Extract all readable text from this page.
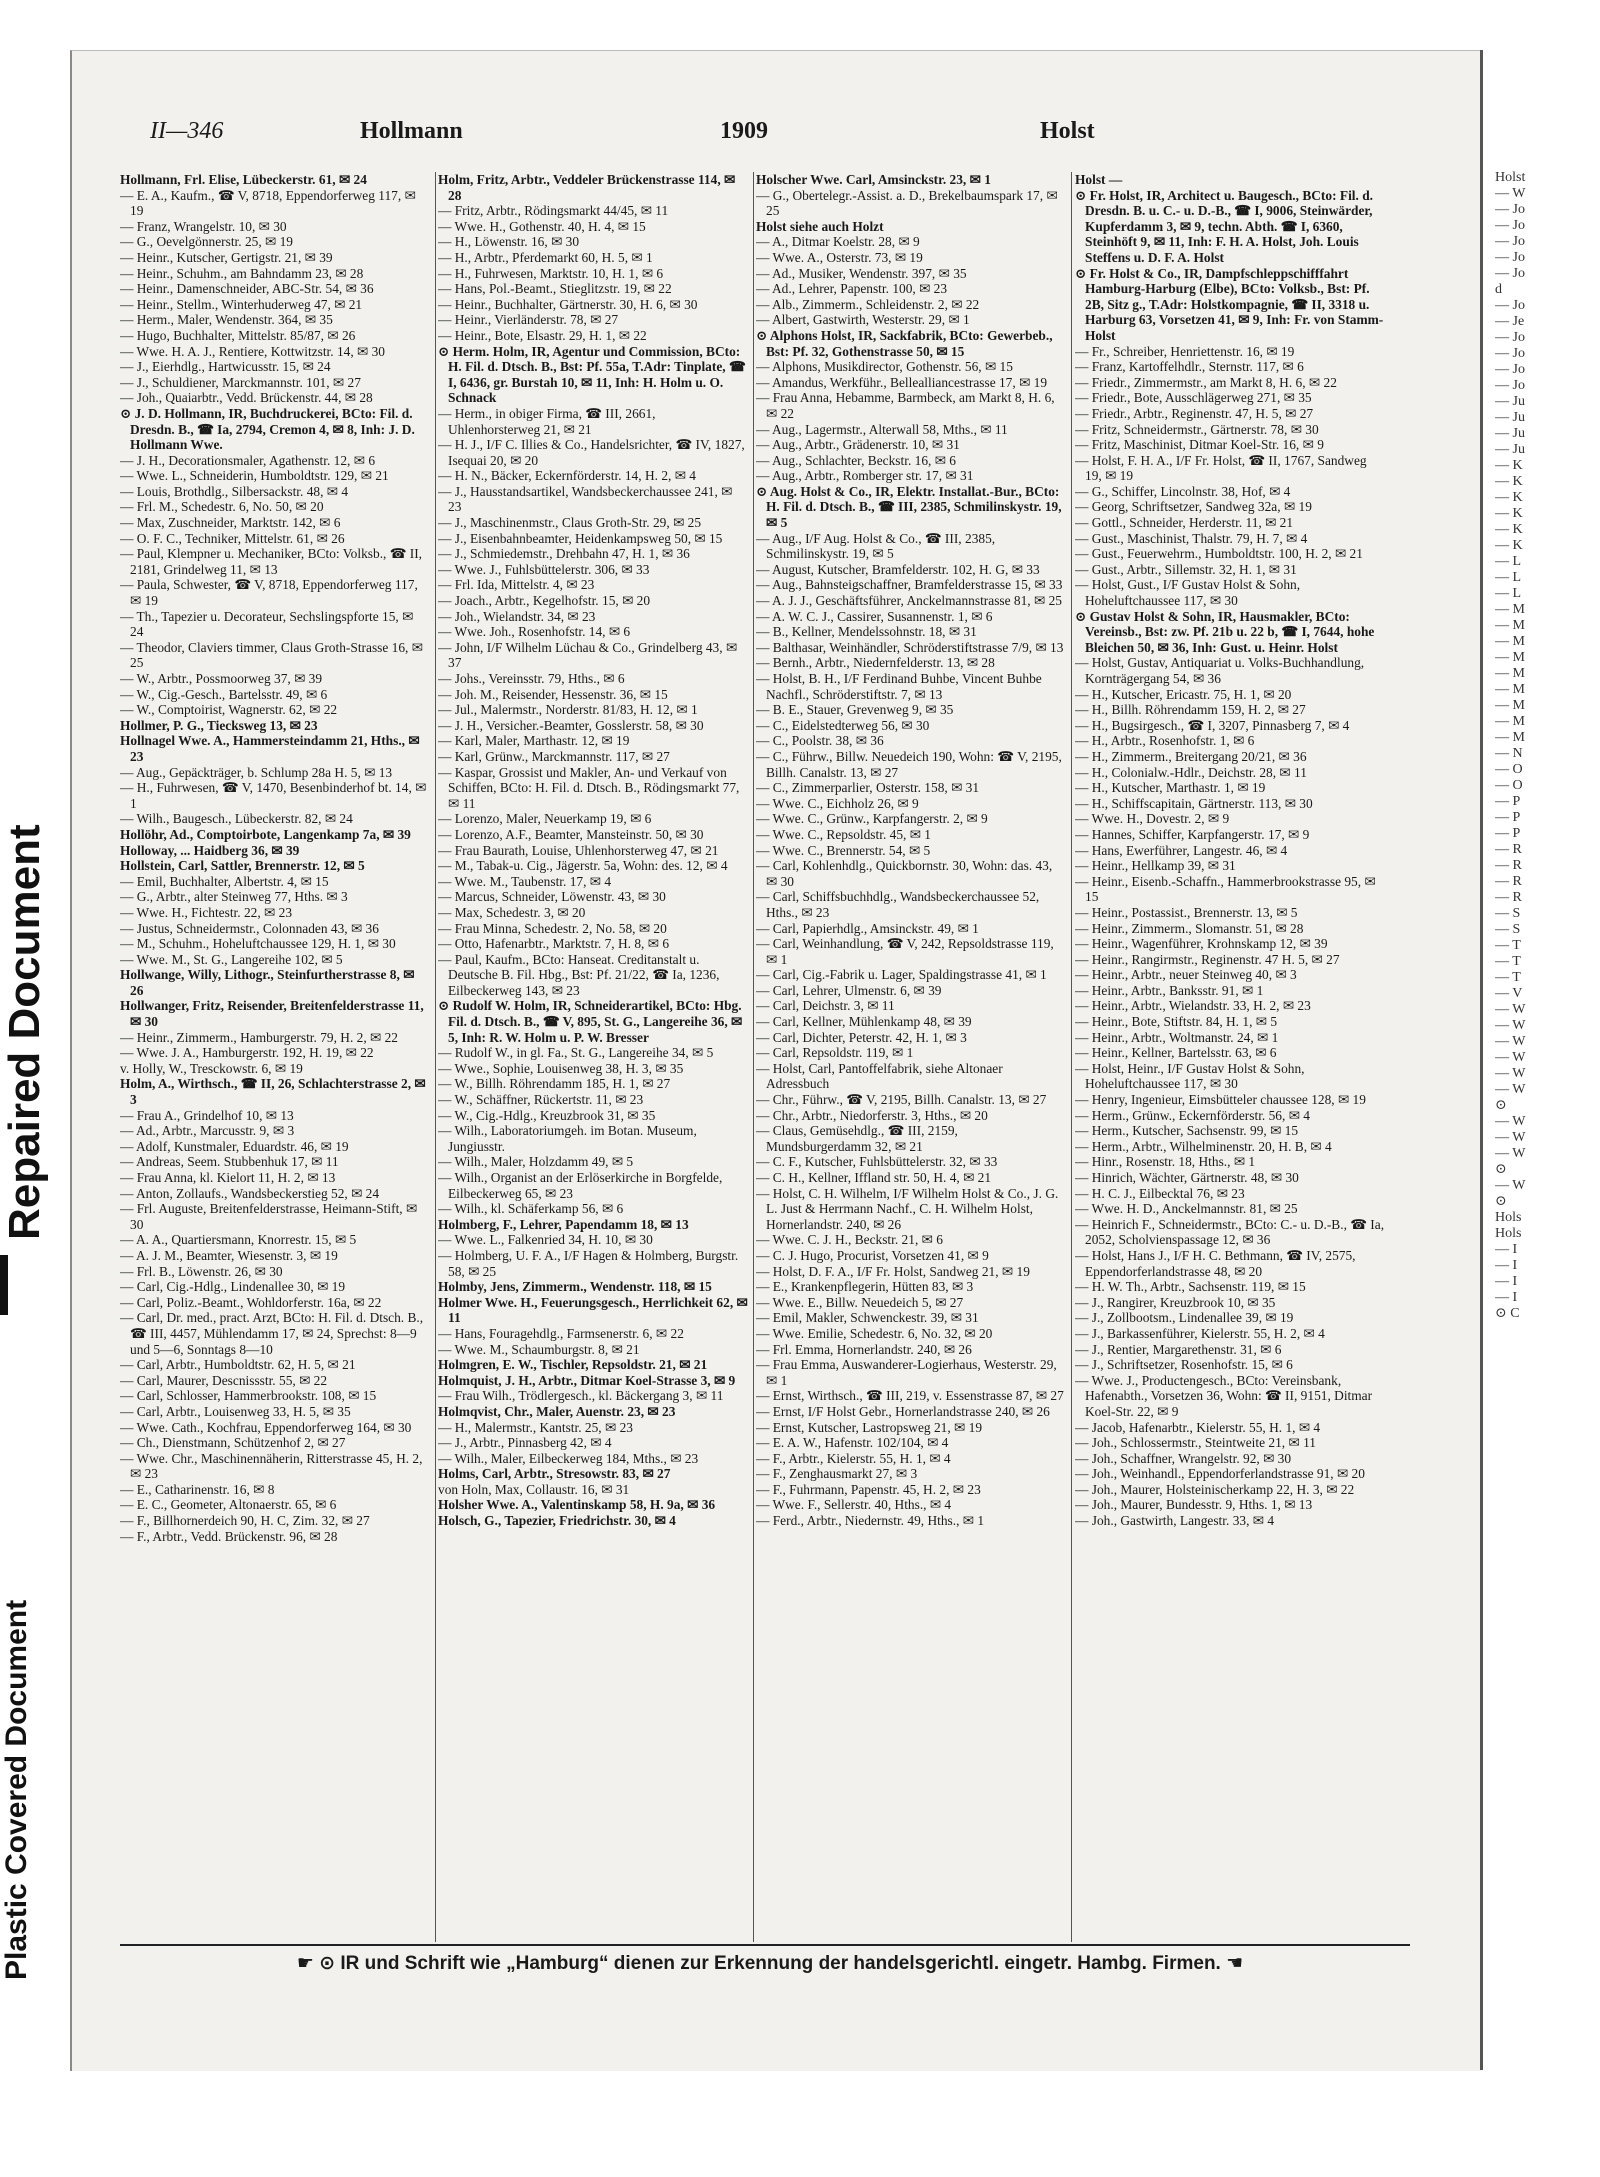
Repaired Document
Plastic Covered Document
II—346	Hollmann	1909	Holst

Hollmann, Frl. Elise, Lübeckerstr. 61, ✉ 24

— E. A., Kaufm., ☎ V, 8718, Eppendorferweg 117, ✉ 19

— Franz, Wrangelstr. 10, ✉ 30

— G., Oevelgönnerstr. 25, ✉ 19

— Heinr., Kutscher, Gertigstr. 21, ✉ 39

— Heinr., Schuhm., am Bahndamm 23, ✉ 28

— Heinr., Damenschneider, ABC-Str. 54, ✉ 36

— Heinr., Stellm., Winterhuderweg 47, ✉ 21

— Herm., Maler, Wendenstr. 364, ✉ 35

— Hugo, Buchhalter, Mittelstr. 85/87, ✉ 26

— Wwe. H. A. J., Rentiere, Kottwitzstr. 14, ✉ 30

— J., Eierhdlg., Hartwicusstr. 15, ✉ 24

— J., Schuldiener, Marckmannstr. 101, ✉ 27

— Joh., Quaiarbtr., Vedd. Brückenstr. 44, ✉ 28

⊙ J. D. Hollmann, IR, Buchdruckerei, BCto: Fil. d. Dresdn. B., ☎ Ia, 2794, Cremon 4, ✉ 8, Inh: J. D. Hollmann Wwe.

— J. H., Decorationsmaler, Agathenstr. 12, ✉ 6

— Wwe. L., Schneiderin, Humboldtstr. 129, ✉ 21

— Louis, Brothdlg., Silbersackstr. 48, ✉ 4

— Frl. M., Schedestr. 6, No. 50, ✉ 20

— Max, Zuschneider, Marktstr. 142, ✉ 6

— O. F. C., Techniker, Mittelstr. 61, ✉ 26

— Paul, Klempner u. Mechaniker, BCto: Volksb., ☎ II, 2181, Grindelweg 11, ✉ 13

— Paula, Schwester, ☎ V, 8718, Eppendorferweg 117, ✉ 19

— Th., Tapezier u. Decorateur, Sechslingspforte 15, ✉ 24

— Theodor, Claviers timmer, Claus Groth-Strasse 16, ✉ 25

— W., Arbtr., Possmoorweg 37, ✉ 39

— W., Cig.-Gesch., Bartelsstr. 49, ✉ 6

— W., Comptoirist, Wagnerstr. 62, ✉ 22

Hollmer, P. G., Tiecksweg 13, ✉ 23

Hollnagel Wwe. A., Hammersteindamm 21, Hths., ✉ 23

— Aug., Gepäckträger, b. Schlump 28a H. 5, ✉ 13

— H., Fuhrwesen, ☎ V, 1470, Besenbinderhof bt. 14, ✉ 1

— Wilh., Baugesch., Lübeckerstr. 82, ✉ 24

Hollöhr, Ad., Comptoirbote, Langenkamp 7a, ✉ 39

Holloway, ... Haidberg 36, ✉ 39

Hollstein, Carl, Sattler, Brennerstr. 12, ✉ 5

— Emil, Buchhalter, Albertstr. 4, ✉ 15

— G., Arbtr., alter Steinweg 77, Hths. ✉ 3

— Wwe. H., Fichtestr. 22, ✉ 23

— Justus, Schneidermstr., Colonnaden 43, ✉ 36

— M., Schuhm., Hoheluftchaussee 129, H. 1, ✉ 30

— Wwe. M., St. G., Langereihe 102, ✉ 5

Hollwange, Willy, Lithogr., Steinfurtherstrasse 8, ✉ 26

Hollwanger, Fritz, Reisender, Breitenfelderstrasse 11, ✉ 30

— Heinr., Zimmerm., Hamburgerstr. 79, H. 2, ✉ 22

— Wwe. J. A., Hamburgerstr. 192, H. 19, ✉ 22

v. Holly, W., Tresckowstr. 6, ✉ 19

Holm, A., Wirthsch., ☎ II, 26, Schlachterstrasse 2, ✉ 3

— Frau A., Grindelhof 10, ✉ 13

— Ad., Arbtr., Marcusstr. 9, ✉ 3

— Adolf, Kunstmaler, Eduardstr. 46, ✉ 19

— Andreas, Seem. Stubbenhuk 17, ✉ 11

— Frau Anna, kl. Kielort 11, H. 2, ✉ 13

— Anton, Zollaufs., Wandsbeckerstieg 52, ✉ 24

— Frl. Auguste, Breitenfelderstrasse, Heimann-Stift, ✉ 30

— A. A., Quartiersmann, Knorrestr. 15, ✉ 5

— A. J. M., Beamter, Wiesenstr. 3, ✉ 19

— Frl. B., Löwenstr. 26, ✉ 30

— Carl, Cig.-Hdlg., Lindenallee 30, ✉ 19

— Carl, Poliz.-Beamt., Wohldorferstr. 16a, ✉ 22

— Carl, Dr. med., pract. Arzt, BCto: H. Fil. d. Dtsch. B., ☎ III, 4457, Mühlendamm 17, ✉ 24, Sprechst: 8—9 und 5—6, Sonntags 8—10

— Carl, Arbtr., Humboldtstr. 62, H. 5, ✉ 21

— Carl, Maurer, Descnissstr. 55, ✉ 22

— Carl, Schlosser, Hammerbrookstr. 108, ✉ 15

— Carl, Arbtr., Louisenweg 33, H. 5, ✉ 35

— Wwe. Cath., Kochfrau, Eppendorferweg 164, ✉ 30

— Ch., Dienstmann, Schützenhof 2, ✉ 27

— Wwe. Chr., Maschinennäherin, Ritterstrasse 45, H. 2, ✉ 23

— E., Catharinenstr. 16, ✉ 8

— E. C., Geometer, Altonaerstr. 65, ✉ 6

— F., Billhornerdeich 90, H. C, Zim. 32, ✉ 27

— F., Arbtr., Vedd. Brückenstr. 96, ✉ 28

Holm, Fritz, Arbtr., Veddeler Brückenstrasse 114, ✉ 28

— Fritz, Arbtr., Rödingsmarkt 44/45, ✉ 11

— Wwe. H., Gothenstr. 40, H. 4, ✉ 15

— H., Löwenstr. 16, ✉ 30

— H., Arbtr., Pferdemarkt 60, H. 5, ✉ 1

— H., Fuhrwesen, Marktstr. 10, H. 1, ✉ 6

— Hans, Pol.-Beamt., Stieglitzstr. 19, ✉ 22

— Heinr., Buchhalter, Gärtnerstr. 30, H. 6, ✉ 30

— Heinr., Vierländerstr. 78, ✉ 27

— Heinr., Bote, Elsastr. 29, H. 1, ✉ 22

⊙ Herm. Holm, IR, Agentur und Commission, BCto: H. Fil. d. Dtsch. B., Bst: Pf. 55a, T.Adr: Tinplate, ☎ I, 6436, gr. Burstah 10, ✉ 11, Inh: H. Holm u. O. Schnack

— Herm., in obiger Firma, ☎ III, 2661, Uhlenhorsterweg 21, ✉ 21

— H. J., I/F C. Illies & Co., Handelsrichter, ☎ IV, 1827, Isequai 20, ✉ 20

— H. N., Bäcker, Eckernförderstr. 14, H. 2, ✉ 4

— J., Hausstandsartikel, Wandsbeckerchaussee 241, ✉ 23

— J., Maschinenmstr., Claus Groth-Str. 29, ✉ 25

— J., Eisenbahnbeamter, Heidenkampsweg 50, ✉ 15

— J., Schmiedemstr., Drehbahn 47, H. 1, ✉ 36

— Wwe. J., Fuhlsbüttelerstr. 306, ✉ 33

— Frl. Ida, Mittelstr. 4, ✉ 23

— Joach., Arbtr., Kegelhofstr. 15, ✉ 20

— Joh., Wielandstr. 34, ✉ 23

— Wwe. Joh., Rosenhofstr. 14, ✉ 6

— John, I/F Wilhelm Lüchau & Co., Grindelberg 43, ✉ 37

— Johs., Vereinsstr. 79, Hths., ✉ 6

— Joh. M., Reisender, Hessenstr. 36, ✉ 15

— Jul., Malermstr., Norderstr. 81/83, H. 12, ✉ 1

— J. H., Versicher.-Beamter, Gosslerstr. 58, ✉ 30

— Karl, Maler, Marthastr. 12, ✉ 19

— Karl, Grünw., Marckmannstr. 117, ✉ 27

— Kaspar, Grossist und Makler, An- und Verkauf von Schiffen, BCto: H. Fil. d. Dtsch. B., Rödingsmarkt 77, ✉ 11

— Lorenzo, Maler, Neuerkamp 19, ✉ 6

— Lorenzo, A.F., Beamter, Mansteinstr. 50, ✉ 30

— Frau Baurath, Louise, Uhlenhorsterweg 47, ✉ 21

— M., Tabak-u. Cig., Jägerstr. 5a, Wohn: des. 12, ✉ 4

— Wwe. M., Taubenstr. 17, ✉ 4

— Marcus, Schneider, Löwenstr. 43, ✉ 30

— Max, Schedestr. 3, ✉ 20

— Frau Minna, Schedestr. 2, No. 58, ✉ 20

— Otto, Hafenarbtr., Marktstr. 7, H. 8, ✉ 6

— Paul, Kaufm., BCto: Hanseat. Creditanstalt u. Deutsche B. Fil. Hbg., Bst: Pf. 21/22, ☎ Ia, 1236, Eilbeckerweg 143, ✉ 23

⊙ Rudolf W. Holm, IR, Schneiderartikel, BCto: Hbg. Fil. d. Dtsch. B., ☎ V, 895, St. G., Langereihe 36, ✉ 5, Inh: R. W. Holm u. P. W. Bresser

— Rudolf W., in gl. Fa., St. G., Langereihe 34, ✉ 5

— Wwe., Sophie, Louisenweg 38, H. 3, ✉ 35

— W., Billh. Röhrendamm 185, H. 1, ✉ 27

— W., Schäffner, Rückertstr. 11, ✉ 23

— W., Cig.-Hdlg., Kreuzbrook 31, ✉ 35

— Wilh., Laboratoriumgeh. im Botan. Museum, Jungiusstr.

— Wilh., Maler, Holzdamm 49, ✉ 5

— Wilh., Organist an der Erlöserkirche in Borgfelde, Eilbeckerweg 65, ✉ 23

— Wilh., kl. Schäferkamp 56, ✉ 6

Holmberg, F., Lehrer, Papendamm 18, ✉ 13

— Wwe. L., Falkenried 34, H. 10, ✉ 30

— Holmberg, U. F. A., I/F Hagen & Holmberg, Burgstr. 58, ✉ 25

Holmby, Jens, Zimmerm., Wendenstr. 118, ✉ 15

Holmer Wwe. H., Feuerungsgesch., Herrlichkeit 62, ✉ 11

— Hans, Fouragehdlg., Farmsenerstr. 6, ✉ 22

— Wwe. M., Schaumburgstr. 8, ✉ 21

Holmgren, E. W., Tischler, Repsoldstr. 21, ✉ 21

Holmquist, J. H., Arbtr., Ditmar Koel-Strasse 3, ✉ 9

— Frau Wilh., Trödlergesch., kl. Bäckergang 3, ✉ 11

Holmqvist, Chr., Maler, Auenstr. 23, ✉ 23

— H., Malermstr., Kantstr. 25, ✉ 23

— J., Arbtr., Pinnasberg 42, ✉ 4

— Wilh., Maler, Eilbeckerweg 184, Mths., ✉ 23

Holms, Carl, Arbtr., Stresowstr. 83, ✉ 27

von Holn, Max, Collaustr. 16, ✉ 31

Holsher Wwe. A., Valentinskamp 58, H. 9a, ✉ 36

Holsch, G., Tapezier, Friedrichstr. 30, ✉ 4

Holscher Wwe. Carl, Amsinckstr. 23, ✉ 1

— G., Obertelegr.-Assist. a. D., Brekelbaumspark 17, ✉ 25

Holst siehe auch Holzt

— A., Ditmar Koelstr. 28, ✉ 9

— Wwe. A., Osterstr. 73, ✉ 19

— Ad., Musiker, Wendenstr. 397, ✉ 35

— Ad., Lehrer, Papenstr. 100, ✉ 23

— Alb., Zimmerm., Schleidenstr. 2, ✉ 22

— Albert, Gastwirth, Westerstr. 29, ✉ 1

⊙ Alphons Holst, IR, Sackfabrik, BCto: Gewerbeb., Bst: Pf. 32, Gothenstrasse 50, ✉ 15

— Alphons, Musikdirector, Gothenstr. 56, ✉ 15

— Amandus, Werkführ., Bellealliancestrasse 17, ✉ 19

— Frau Anna, Hebamme, Barmbeck, am Markt 8, H. 6, ✉ 22

— Aug., Lagermstr., Alterwall 58, Mths., ✉ 11

— Aug., Arbtr., Grädenerstr. 10, ✉ 31

— Aug., Schlachter, Beckstr. 16, ✉ 6

— Aug., Arbtr., Romberger str. 17, ✉ 31

⊙ Aug. Holst & Co., IR, Elektr. Installat.-Bur., BCto: H. Fil. d. Dtsch. B., ☎ III, 2385, Schmilinskystr. 19, ✉ 5

— Aug., I/F Aug. Holst & Co., ☎ III, 2385, Schmilinskystr. 19, ✉ 5

— August, Kutscher, Bramfelderstr. 102, H. G, ✉ 33

— Aug., Bahnsteigschaffner, Bramfelderstrasse 15, ✉ 33

— A. J. J., Geschäftsführer, Anckelmannstrasse 81, ✉ 25

— A. W. C. J., Cassirer, Susannenstr. 1, ✉ 6

— B., Kellner, Mendelssohnstr. 18, ✉ 31

— Balthasar, Weinhändler, Schröderstiftstrasse 7/9, ✉ 13

— Bernh., Arbtr., Niedernfelderstr. 13, ✉ 28

— Holst, B. H., I/F Ferdinand Buhbe, Vincent Buhbe Nachfl., Schröderstiftstr. 7, ✉ 13

— B. E., Stauer, Grevenweg 9, ✉ 35

— C., Eidelstedterweg 56, ✉ 30

— C., Poolstr. 38, ✉ 36

— C., Führw., Billw. Neuedeich 190, Wohn: ☎ V, 2195, Billh. Canalstr. 13, ✉ 27

— C., Zimmerparlier, Osterstr. 158, ✉ 31

— Wwe. C., Eichholz 26, ✉ 9

— Wwe. C., Grünw., Karpfangerstr. 2, ✉ 9

— Wwe. C., Repsoldstr. 45, ✉ 1

— Wwe. C., Brennerstr. 54, ✉ 5

— Carl, Kohlenhdlg., Quickbornstr. 30, Wohn: das. 43, ✉ 30

— Carl, Schiffsbuchhdlg., Wandsbeckerchaussee 52, Hths., ✉ 23

— Carl, Papierhdlg., Amsinckstr. 49, ✉ 1

— Carl, Weinhandlung, ☎ V, 242, Repsoldstrasse 119, ✉ 1

— Carl, Cig.-Fabrik u. Lager, Spaldingstrasse 41, ✉ 1

— Carl, Lehrer, Ulmenstr. 6, ✉ 39

— Carl, Deichstr. 3, ✉ 11

— Carl, Kellner, Mühlenkamp 48, ✉ 39

— Carl, Dichter, Peterstr. 42, H. 1, ✉ 3

— Carl, Repsoldstr. 119, ✉ 1

— Holst, Carl, Pantoffelfabrik, siehe Altonaer Adressbuch

— Chr., Führw., ☎ V, 2195, Billh. Canalstr. 13, ✉ 27

— Chr., Arbtr., Niedorferstr. 3, Hths., ✉ 20

— Claus, Gemüsehdlg., ☎ III, 2159, Mundsburgerdamm 32, ✉ 21

— C. F., Kutscher, Fuhlsbüttelerstr. 32, ✉ 33

— C. H., Kellner, Iffland str. 50, H. 4, ✉ 21

— Holst, C. H. Wilhelm, I/F Wilhelm Holst & Co., J. G. L. Just & Herrmann Nachf., C. H. Wilhelm Holst, Hornerlandstr. 240, ✉ 26

— Wwe. C. J. H., Beckstr. 21, ✉ 6

— C. J. Hugo, Procurist, Vorsetzen 41, ✉ 9

— Holst, D. F. A., I/F Fr. Holst, Sandweg 21, ✉ 19

— E., Krankenpflegerin, Hütten 83, ✉ 3

— Wwe. E., Billw. Neuedeich 5, ✉ 27

— Emil, Makler, Schwenckestr. 39, ✉ 31

— Wwe. Emilie, Schedestr. 6, No. 32, ✉ 20

— Frl. Emma, Hornerlandstr. 240, ✉ 26

— Frau Emma, Auswanderer-Logierhaus, Westerstr. 29, ✉ 1

— Ernst, Wirthsch., ☎ III, 219, v. Essenstrasse 87, ✉ 27

— Ernst, I/F Holst Gebr., Hornerlandstrasse 240, ✉ 26

— Ernst, Kutscher, Lastropsweg 21, ✉ 19

— E. A. W., Hafenstr. 102/104, ✉ 4

— F., Arbtr., Kielerstr. 55, H. 1, ✉ 4

— F., Zenghausmarkt 27, ✉ 3

— F., Fuhrmann, Papenstr. 45, H. 2, ✉ 23

— Wwe. F., Sellerstr. 40, Hths., ✉ 4

— Ferd., Arbtr., Niedernstr. 49, Hths., ✉ 1

Holst —

⊙ Fr. Holst, IR, Architect u. Baugesch., BCto: Fil. d. Dresdn. B. u. C.- u. D.-B., ☎ I, 9006, Steinwärder, Kupferdamm 3, ✉ 9, techn. Abth. ☎ I, 6360, Steinhöft 9, ✉ 11, Inh: F. H. A. Holst, Joh. Louis Steffens u. D. F. A. Holst

⊙ Fr. Holst & Co., IR, Dampfschleppschifffahrt Hamburg-Harburg (Elbe), BCto: Volksb., Bst: Pf. 2B, Sitz g., T.Adr: Holstkompagnie, ☎ II, 3318 u. Harburg 63, Vorsetzen 41, ✉ 9, Inh: Fr. von Stamm-Holst

— Fr., Schreiber, Henriettenstr. 16, ✉ 19

— Franz, Kartoffelhdlr., Sternstr. 117, ✉ 6

— Friedr., Zimmermstr., am Markt 8, H. 6, ✉ 22

— Friedr., Bote, Ausschlägerweg 271, ✉ 35

— Friedr., Arbtr., Reginenstr. 47, H. 5, ✉ 27

— Fritz, Schneidermstr., Gärtnerstr. 78, ✉ 30

— Fritz, Maschinist, Ditmar Koel-Str. 16, ✉ 9

— Holst, F. H. A., I/F Fr. Holst, ☎ II, 1767, Sandweg 19, ✉ 19

— G., Schiffer, Lincolnstr. 38, Hof, ✉ 4

— Georg, Schriftsetzer, Sandweg 32a, ✉ 19

— Gottl., Schneider, Herderstr. 11, ✉ 21

— Gust., Maschinist, Thalstr. 79, H. 7, ✉ 4

— Gust., Feuerwehrm., Humboldtstr. 100, H. 2, ✉ 21

— Gust., Arbtr., Sillemstr. 32, H. 1, ✉ 31

— Holst, Gust., I/F Gustav Holst & Sohn, Hoheluftchaussee 117, ✉ 30

⊙ Gustav Holst & Sohn, IR, Hausmakler, BCto: Vereinsb., Bst: zw. Pf. 21b u. 22 b, ☎ I, 7644, hohe Bleichen 50, ✉ 36, Inh: Gust. u. Heinr. Holst

— Holst, Gustav, Antiquariat u. Volks-Buchhandlung, Kornträgergang 54, ✉ 36

— H., Kutscher, Ericastr. 75, H. 1, ✉ 20

— H., Billh. Röhrendamm 159, H. 2, ✉ 27

— H., Bugsirgesch., ☎ I, 3207, Pinnasberg 7, ✉ 4

— H., Arbtr., Rosenhofstr. 1, ✉ 6

— H., Zimmerm., Breitergang 20/21, ✉ 36

— H., Colonialw.-Hdlr., Deichstr. 28, ✉ 11

— H., Kutscher, Marthastr. 1, ✉ 19

— H., Schiffscapitain, Gärtnerstr. 113, ✉ 30

— Wwe. H., Dovestr. 2, ✉ 9

— Hannes, Schiffer, Karpfangerstr. 17, ✉ 9

— Hans, Ewerführer, Langestr. 46, ✉ 4

— Heinr., Hellkamp 39, ✉ 31

— Heinr., Eisenb.-Schaffn., Hammerbrookstrasse 95, ✉ 15

— Heinr., Postassist., Brennerstr. 13, ✉ 5

— Heinr., Zimmerm., Slomanstr. 51, ✉ 28

— Heinr., Wagenführer, Krohnskamp 12, ✉ 39

— Heinr., Rangirmstr., Reginenstr. 47 H. 5, ✉ 27

— Heinr., Arbtr., neuer Steinweg 40, ✉ 3

— Heinr., Arbtr., Banksstr. 91, ✉ 1

— Heinr., Arbtr., Wielandstr. 33, H. 2, ✉ 23

— Heinr., Bote, Stiftstr. 84, H. 1, ✉ 5

— Heinr., Arbtr., Woltmanstr. 24, ✉ 1

— Heinr., Kellner, Bartelsstr. 63, ✉ 6

— Holst, Heinr., I/F Gustav Holst & Sohn, Hoheluftchaussee 117, ✉ 30

— Henry, Ingenieur, Eimsbütteler chaussee 128, ✉ 19

— Herm., Grünw., Eckernförderstr. 56, ✉ 4

— Herm., Kutscher, Sachsenstr. 99, ✉ 15

— Herm., Arbtr., Wilhelminenstr. 20, H. B, ✉ 4

— Hinr., Rosenstr. 18, Hths., ✉ 1

— Hinrich, Wächter, Gärtnerstr. 48, ✉ 30

— H. C. J., Eilbecktal 76, ✉ 23

— Wwe. H. D., Anckelmannstr. 81, ✉ 25

— Heinrich F., Schneidermstr., BCto: C.- u. D.-B., ☎ Ia, 2052, Scholvienspassage 12, ✉ 36

— Holst, Hans J., I/F H. C. Bethmann, ☎ IV, 2575, Eppendorferlandstrasse 48, ✉ 20

— H. W. Th., Arbtr., Sachsenstr. 119, ✉ 15

— J., Rangirer, Kreuzbrook 10, ✉ 35

— J., Zollbootsm., Lindenallee 39, ✉ 19

— J., Barkassenführer, Kielerstr. 55, H. 2, ✉ 4

— J., Rentier, Margarethenstr. 31, ✉ 6

— J., Schriftsetzer, Rosenhofstr. 15, ✉ 6

— Wwe. J., Productengesch., BCto: Vereinsbank, Hafenabth., Vorsetzen 36, Wohn: ☎ II, 9151, Ditmar Koel-Str. 22, ✉ 9

— Jacob, Hafenarbtr., Kielerstr. 55, H. 1, ✉ 4

— Joh., Schlossermstr., Steintweite 21, ✉ 11

— Joh., Schaffner, Wrangelstr. 92, ✉ 30

— Joh., Weinhandl., Eppendorferlandstrasse 91, ✉ 20

— Joh., Maurer, Holsteinischerkamp 22, H. 3, ✉ 22

— Joh., Maurer, Bundesstr. 9, Hths. 1, ✉ 13

— Joh., Gastwirth, Langestr. 33, ✉ 4

Holst
— W
— Jo
— Jo
— Jo
— Jo
— Jo
d
— Jo
— Je
— Jo
— Jo
— Jo
— Jo
— Ju
— Ju
— Ju
— Ju
— K
— K
— K
— K
— K
— K
— L
— L
— L
— M
— M
— M
— M
— M
— M
— M
— M
— M
— N
— O
— O
— P
— P
— P
— R
— R
— R
— R
— S
— S
— T
— T
— T
— V
— W
— W
— W
— W
— W
— W
⊙
— W
— W
— W
⊙
— W
⊙
Hols
Hols
— I
— I
— I
— I
⊙ C
☛ ⊙ IR und Schrift wie „Hamburg“ dienen zur Erkennung der handelsgerichtl. eingetr. Hambg. Firmen. ☚
